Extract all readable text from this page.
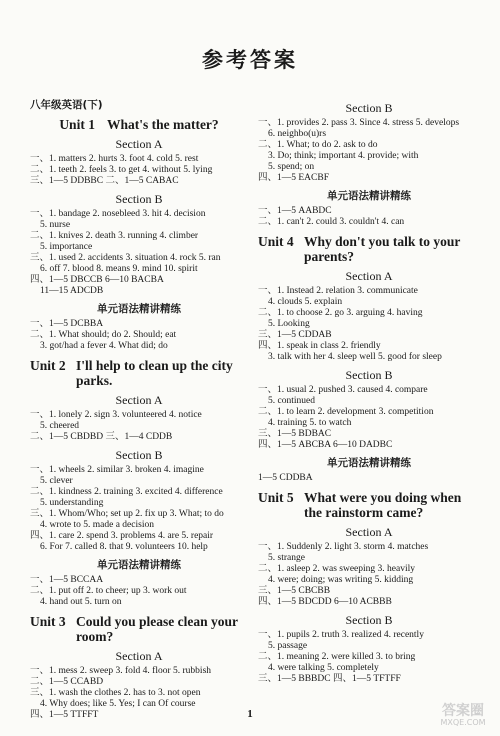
参考答案
八年级英语(下)
Unit 1 What's the matter?
Section A
一、1. matters 2. hurts 3. foot 4. cold 5. rest
二、1. teeth 2. feels 3. to get 4. without 5. lying
三、1—5 DDBBC 二、1—5 CABAC
Section B
一、1. bandage 2. nosebleed 3. hit 4. decision
5. nurse
二、1. knives 2. death 3. running 4. climber
5. importance
三、1. used 2. accidents 3. situation 4. rock 5. ran
6. off 7. blood 8. means 9. mind 10. spirit
四、1—5 DBCCB 6—10 BACBA
11—15 ADCDB
单元语法精讲精练
一、1—5 DCBBA
二、1. What should; do 2. Should; eat
3. got/had a fever 4. What did; do
Unit 2 I'll help to clean up the city parks.
Section A
一、1. lonely 2. sign 3. volunteered 4. notice
5. cheered
二、1—5 CBDBD 三、1—4 CDDB
Section B
一、1. wheels 2. similar 3. broken 4. imagine
5. clever
二、1. kindness 2. training 3. excited 4. difference
5. understanding
三、1. Whom/Who; set up 2. fix up 3. What; to do
4. wrote to 5. made a decision
四、1. care 2. spend 3. problems 4. are 5. repair
6. For 7. called 8. that 9. volunteers 10. help
单元语法精讲精练
一、1—5 BCCAA
二、1. put off 2. to cheer; up 3. work out
4. hand out 5. turn on
Unit 3 Could you please clean your room?
Section A
一、1. mess 2. sweep 3. fold 4. floor 5. rubbish
二、1—5 CCABD
三、1. wash the clothes 2. has to 3. not open
4. Why does; like 5. Yes; I can Of course
四、1—5 TTFFT
Section B
一、1. provides 2. pass 3. Since 4. stress 5. develops
6. neighbo(u)rs
二、1. What; to do 2. ask to do
3. Do; think; important 4. provide; with
5. spend; on
四、1—5 EACBF
单元语法精讲精练
一、1—5 AABDC
二、1. can't 2. could 3. couldn't 4. can
Unit 4 Why don't you talk to your parents?
Section A
一、1. Instead 2. relation 3. communicate
4. clouds 5. explain
二、1. to choose 2. go 3. arguing 4. having
5. Looking
三、1—5 CDDAB
四、1. speak in class 2. friendly
3. talk with her 4. sleep well 5. good for sleep
Section B
一、1. usual 2. pushed 3. caused 4. compare
5. continued
二、1. to learn 2. development 3. competition
4. training 5. to watch
三、1—5 BDBAC
四、1—5 ABCBA 6—10 DADBC
单元语法精讲精练
1—5 CDDBA
Unit 5 What were you doing when the rainstorm came?
Section A
一、1. Suddenly 2. light 3. storm 4. matches
5. strange
二、1. asleep 2. was sweeping 3. heavily
4. were; doing; was writing 5. kidding
三、1—5 CBCBB
四、1—5 BDCDD 6—10 ACBBB
Section B
一、1. pupils 2. truth 3. realized 4. recently
5. passage
二、1. meaning 2. were killed 3. to bring
4. were talking 5. completely
三、1—5 BBBDC 四、1—5 TFTFF
1	答案圈
MXQE.COM
